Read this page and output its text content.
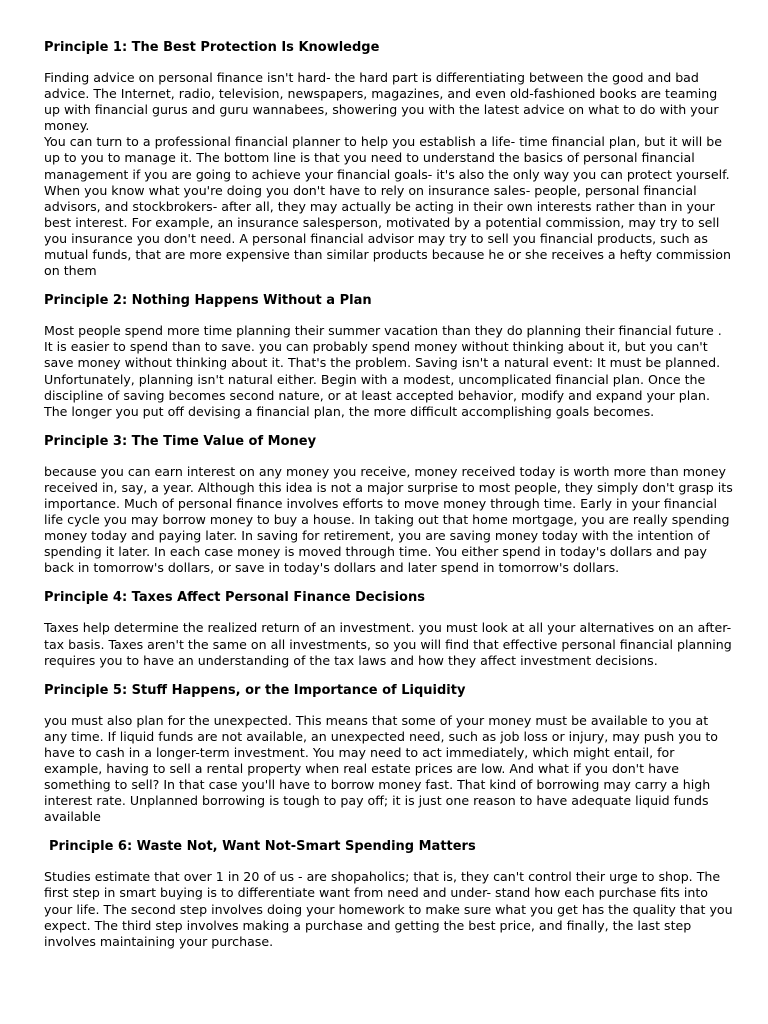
Principle 1: The Best Protection Is Knowledge

Finding advice on personal finance isn't hard- the hard part is differentiating between the good and bad advice. The Internet, radio, television, newspapers, magazines, and even old-fashioned books are teaming up with financial gurus and guru wannabees, showering you with the latest advice on what to do with your money.

You can turn to a professional financial planner to help you establish a life- time financial plan, but it will be up to you to manage it. The bottom line is that you need to understand the basics of personal financial management if you are going to achieve your financial goals- it's also the only way you can protect yourself. When you know what you're doing you don't have to rely on insurance sales- people, personal financial advisors, and stockbrokers- after all, they may actually be acting in their own interests rather than in your best interest. For example, an insurance salesperson, motivated by a potential commission, may try to sell you insurance you don't need. A personal financial advisor may try to sell you financial products, such as mutual funds, that are more expensive than similar products because he or she receives a hefty commission on them

Principle 2: Nothing Happens Without a Plan

Most people spend more time planning their summer vacation than they do planning their financial future . It is easier to spend than to save. you can probably spend money without thinking about it, but you can't save money without thinking about it. That's the problem. Saving isn't a natural event: It must be planned. Unfortunately, planning isn't natural either. Begin with a modest, uncomplicated financial plan. Once the discipline of saving becomes second nature, or at least accepted behavior, modify and expand your plan. The longer you put off devising a financial plan, the more difficult accomplishing goals becomes.

Principle 3: The Time Value of Money

because you can earn interest on any money you receive, money received today is worth more than money received in, say, a year. Although this idea is not a major surprise to most people, they simply don't grasp its importance. Much of personal finance involves efforts to move money through time. Early in your financial life cycle you may borrow money to buy a house. In taking out that home mortgage, you are really spending money today and paying later. In saving for retirement, you are saving money today with the intention of spending it later. In each case money is moved through time. You either spend in today's dollars and pay back in tomorrow's dollars, or save in today's dollars and later spend in tomorrow's dollars.

Principle 4: Taxes Affect Personal Finance Decisions

Taxes help determine the realized return of an investment. you must look at all your alternatives on an after-tax basis. Taxes aren't the same on all investments, so you will find that effective personal financial planning requires you to have an understanding of the tax laws and how they affect investment decisions.

Principle 5: Stuff Happens, or the Importance of Liquidity

you must also plan for the unexpected. This means that some of your money must be available to you at any time. If liquid funds are not available, an unexpected need, such as job loss or injury, may push you to have to cash in a longer-term investment. You may need to act immediately, which might entail, for example, having to sell a rental property when real estate prices are low. And what if you don't have something to sell? In that case you'll have to borrow money fast. That kind of borrowing may carry a high interest rate. Unplanned borrowing is tough to pay off; it is just one reason to have adequate liquid funds available

Principle 6: Waste Not, Want Not-Smart Spending Matters

Studies estimate that over 1 in 20 of us - are shopaholics; that is, they can't control their urge to shop. The first step in smart buying is to differentiate want from need and under- stand how each purchase fits into your life. The second step involves doing your homework to make sure what you get has the quality that you expect. The third step involves making a purchase and getting the best price, and finally, the last step involves maintaining your purchase.
